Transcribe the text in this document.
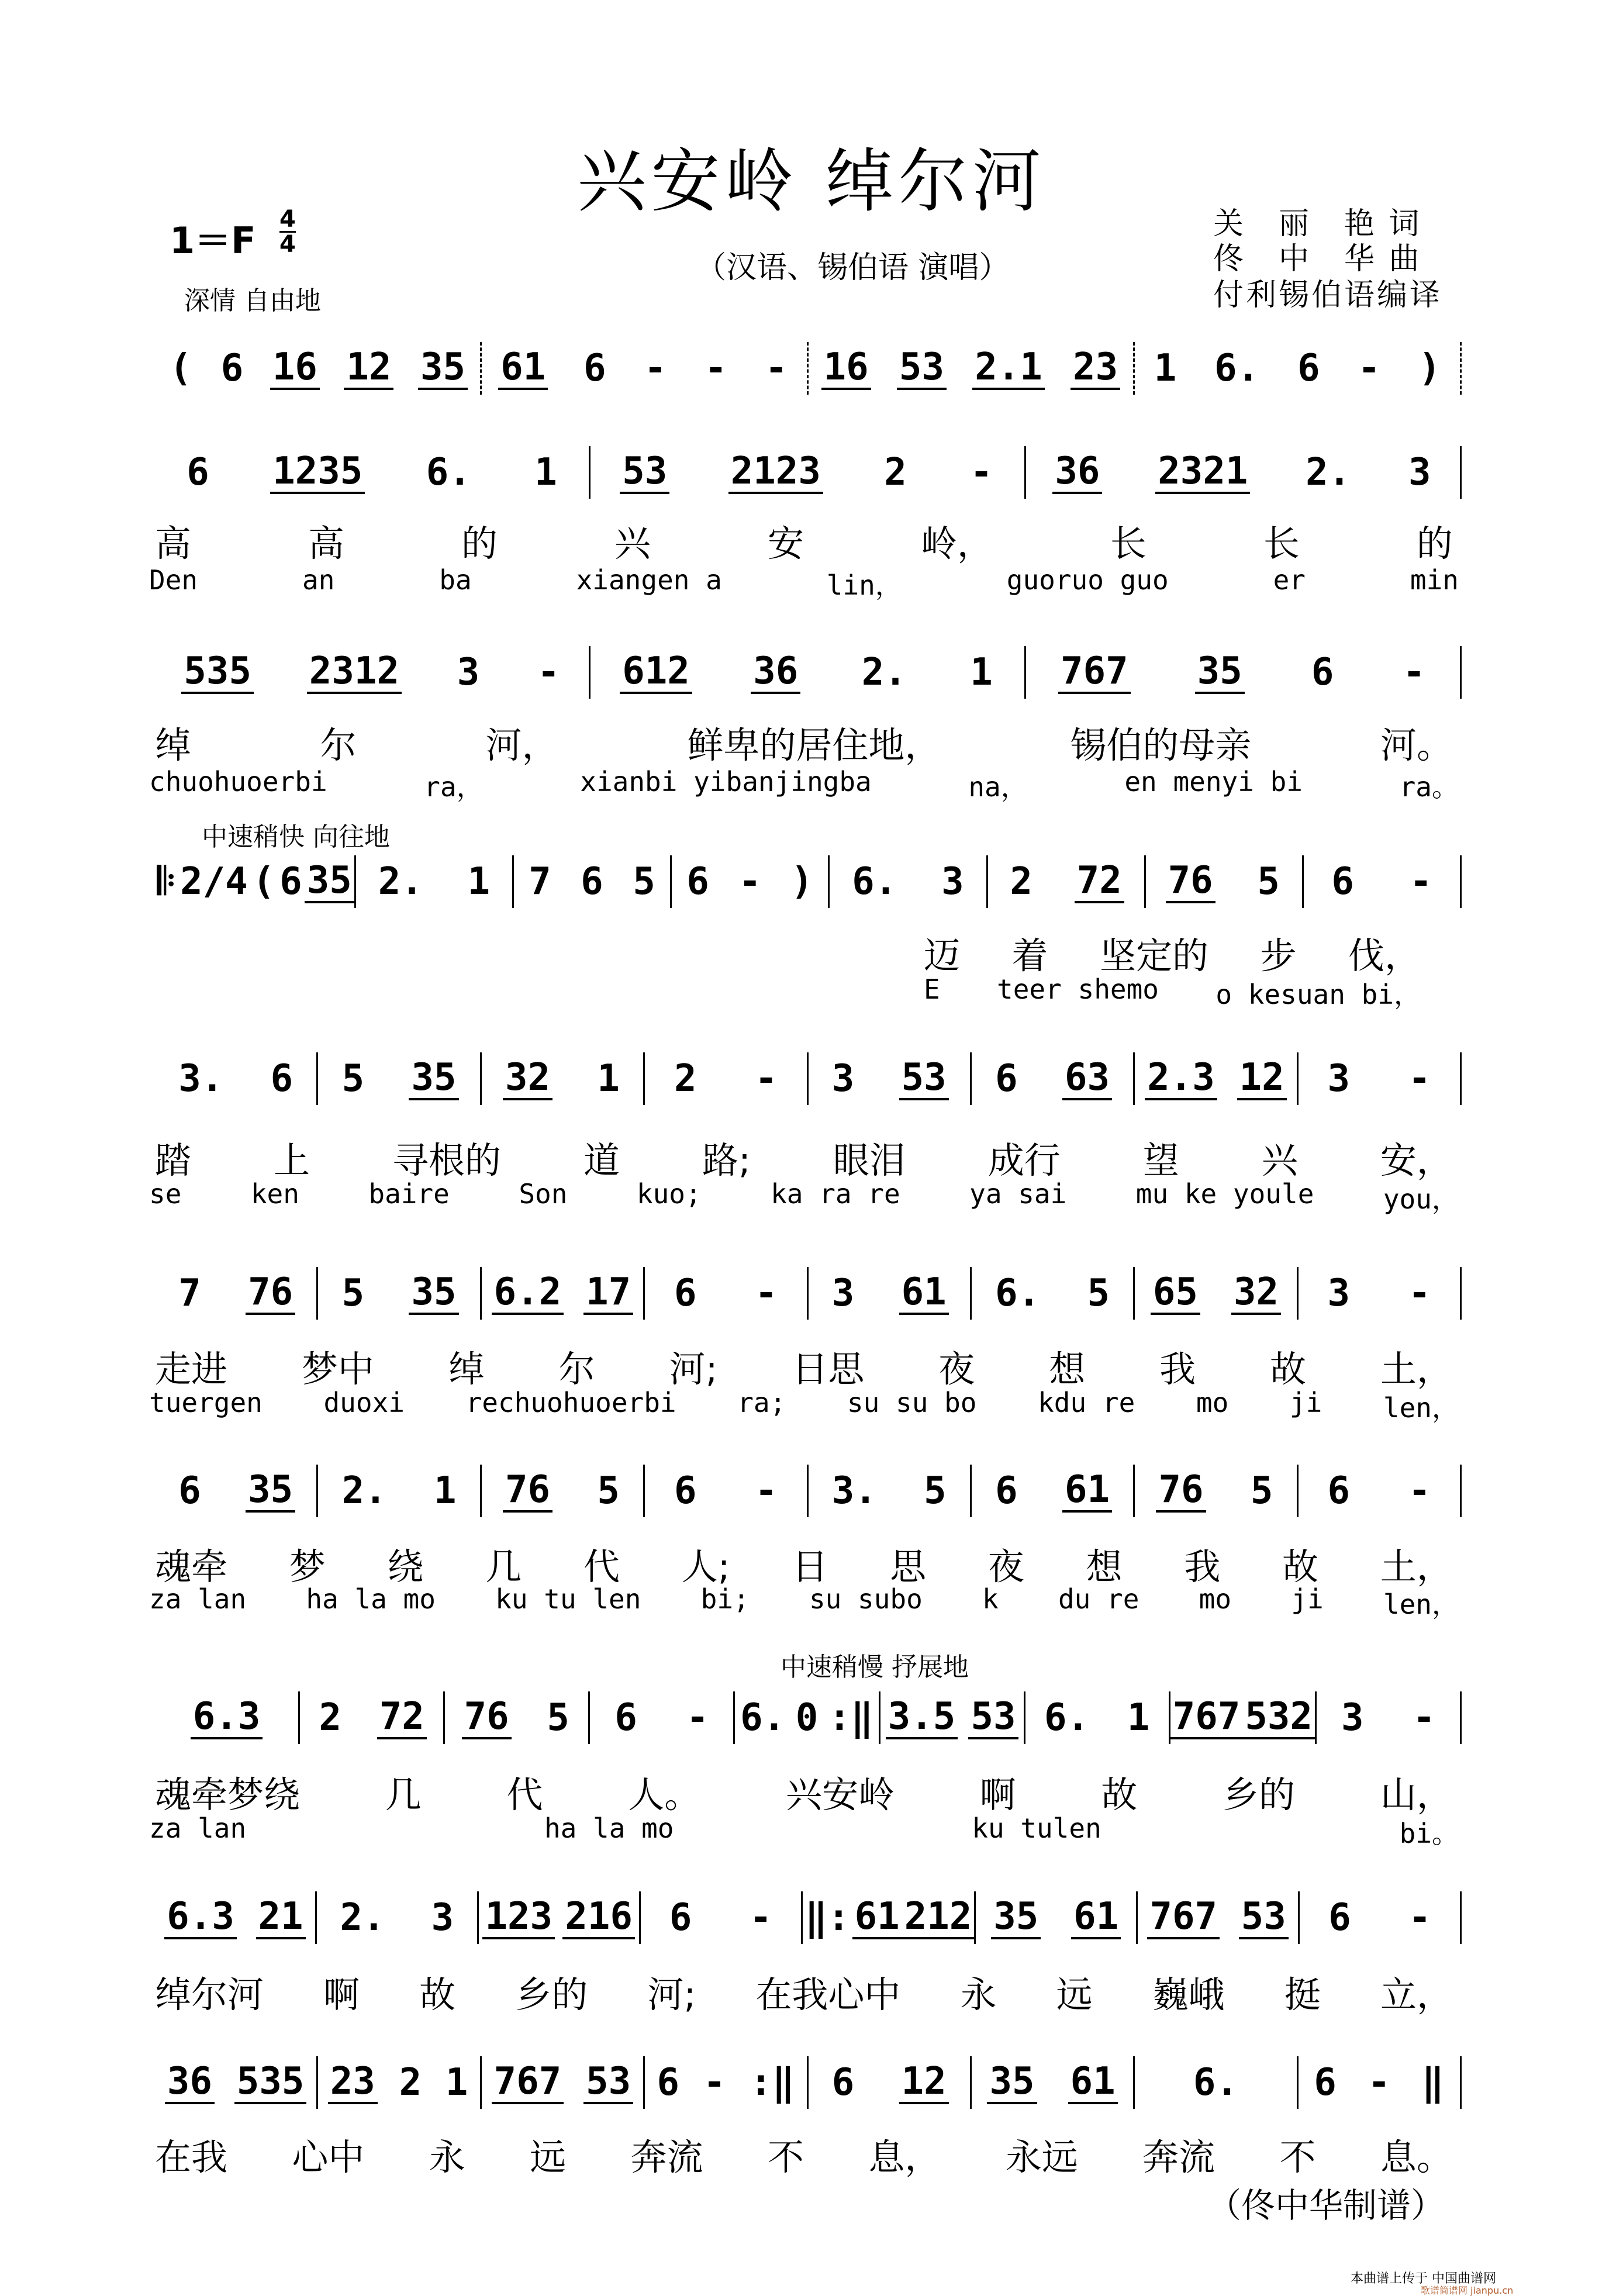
兴安岭 绰尔河
1＝F 4
4
（汉语、锡伯语 演唱）
关　丽　艳 词
佟　中　华 曲
付利锡伯语编译
深情 自由地
中速稍快 向往地
中速稍慢 抒展地
( 6 16 12 35 61 6 - - - 16 53 2.1 23 1 6. 6 - )
6 1235 6. 1 53 2123 2 - 36 2321 2. 3
高	高	的	兴	安	岭，	长	长	的
Den	an	ba	xiangen a	lin，	guoruo guo	er	min
535 2312 3 - 612 36 2. 1 767 35 6 -
绰	尔	河，	鲜卑的居住地，	锡伯的母亲	河。
chuohuoerbi	ra，	xianbi yibanjingba	na，	en menyi bi	ra。
𝄆 2/4 ( 6 35 2. 1 7 6 5 6 - ) 6. 3 2 72 76 5 6 -
迈 着 坚定的 步 伐，
E teer shemo o kesuan bi，
3. 6 5 35 32 1 2 - 3 53 6 63 2.3 12 3 -
踏 上 寻根的 道 路; 眼泪 成行 望 兴 安，
se	ken	baire	Son	kuo;	ka ra re	ya sai	mu ke youle	you，
7 76 5 35 6.2 17 6 - 3 61 6. 5 65 32 3 -
走进 梦中 绰 尔 河; 日思 夜 想 我 故 土，
tuergen duoxi rechuohuoerbi ra; su su bo kdu re mo ji len，
6 35 2. 1 76 5 6 - 3. 5 6 61 76 5 6 -
魂牵 梦 绕 几 代 人; 日 思 夜 想 我 故 土，
za lan ha la mo ku tu len bi; su subo k du re mo ji len，
6.3 2 72 76 5 6 - 6. 0 :‖ 3.5 53 6. 1 767 532 3 -
魂牵梦绕 几 代 人。 兴安岭 啊 故 乡的 山，
za lan	ha la mo	ku tulen	bi。
6.3 21 2. 3 123 216 6 - ‖: 61 212 35 61 767 53 6 -
绰尔河 啊 故 乡的 河; 在我心中 永 远 巍峨 挺 立，
36 535 23 2 1 767 53 6 - :‖ 6 12 35 61 6. 6 - ‖
在我 心中 永 远 奔流 不 息， 永远 奔流 不 息。
（佟中华制谱）
本曲谱上传于 中国曲谱网
歌谱简谱网 jianpu.cn
